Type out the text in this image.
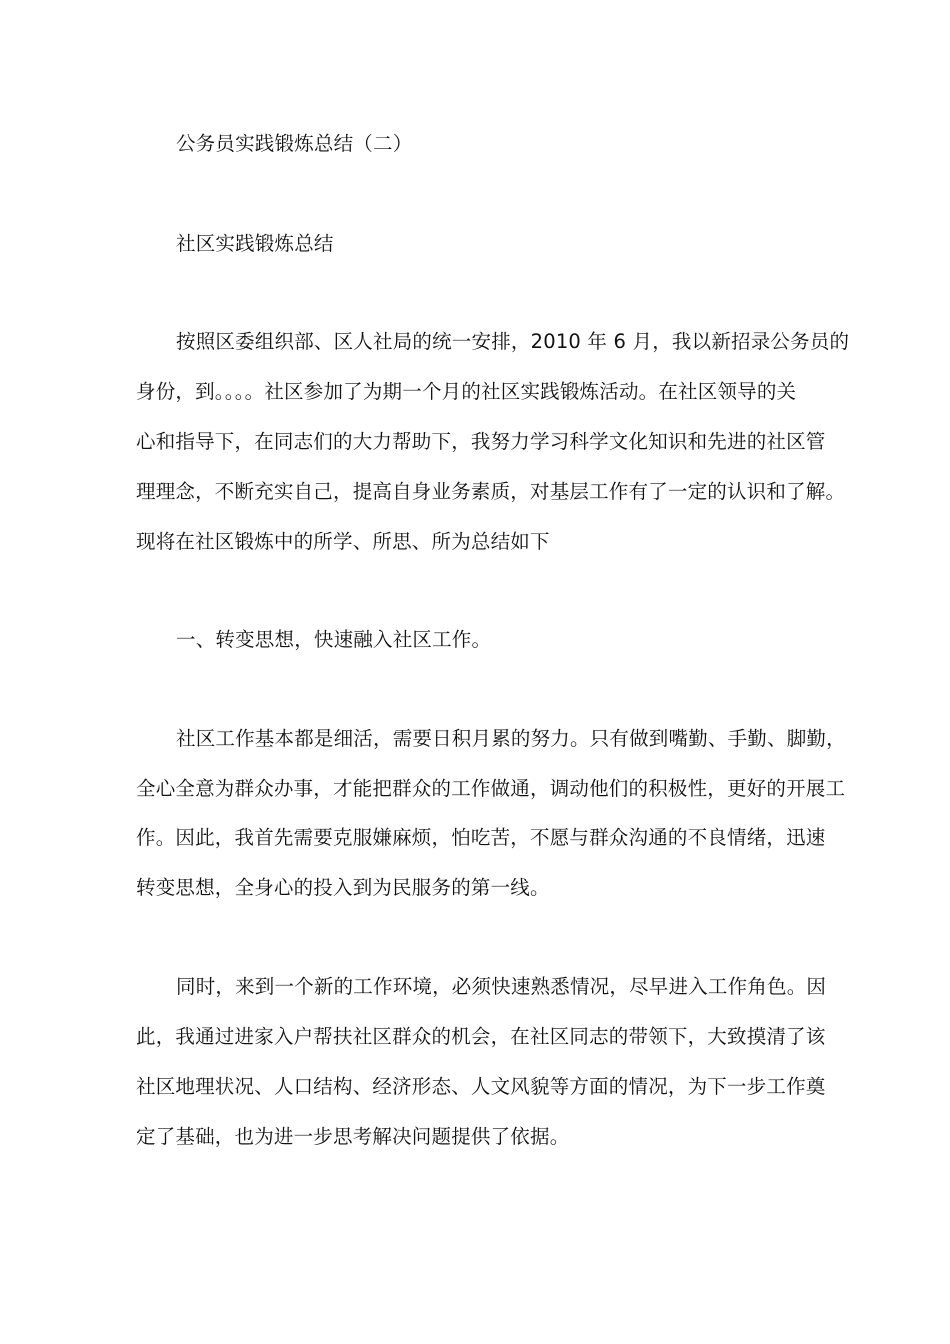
公务员实践锻炼总结（二）
社区实践锻炼总结
按照区委组织部、区人社局的统一安排，2010 年 6 月，我以新招录公务员的
身份，到。。。。社区参加了为期一个月的社区实践锻炼活动。在社区领导的关
心和指导下，在同志们的大力帮助下，我努力学习科学文化知识和先进的社区管
理理念，不断充实自己，提高自身业务素质，对基层工作有了一定的认识和了解。
现将在社区锻炼中的所学、所思、所为总结如下
一、转变思想，快速融入社区工作。
社区工作基本都是细活，需要日积月累的努力。只有做到嘴勤、手勤、脚勤，
全心全意为群众办事，才能把群众的工作做通，调动他们的积极性，更好的开展工
作。因此，我首先需要克服嫌麻烦，怕吃苦，不愿与群众沟通的不良情绪，迅速
转变思想，全身心的投入到为民服务的第一线。
同时，来到一个新的工作环境，必须快速熟悉情况，尽早进入工作角色。因
此，我通过进家入户帮扶社区群众的机会，在社区同志的带领下，大致摸清了该
社区地理状况、人口结构、经济形态、人文风貌等方面的情况，为下一步工作奠
定了基础，也为进一步思考解决问题提供了依据。
